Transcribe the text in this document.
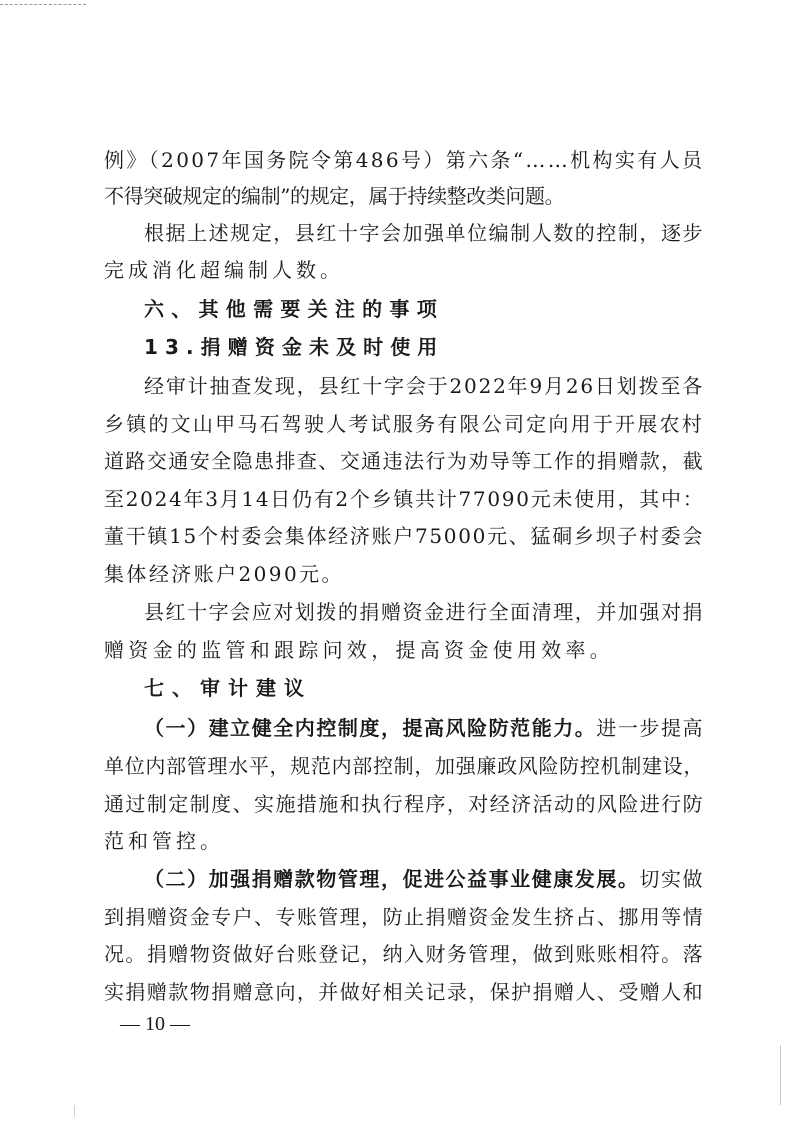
例》（2007年国务院令第486号）第六条“……机构实有人员
不得突破规定的编制”的规定，属于持续整改类问题。
根据上述规定，县红十字会加强单位编制人数的控制，逐步
完成消化超编制人数。
六、其他需要关注的事项
13.捐赠资金未及时使用
经审计抽查发现，县红十字会于2022年9月26日划拨至各
乡镇的文山甲马石驾驶人考试服务有限公司定向用于开展农村
道路交通安全隐患排查、交通违法行为劝导等工作的捐赠款，截
至2024年3月14日仍有2个乡镇共计77090元未使用，其中：
董干镇15个村委会集体经济账户75000元、猛硐乡坝子村委会
集体经济账户2090元。
县红十字会应对划拨的捐赠资金进行全面清理，并加强对捐
赠资金的监管和跟踪问效，提高资金使用效率。
七、审计建议
（一）建立健全内控制度，提高风险防范能力。进一步提高
单位内部管理水平，规范内部控制，加强廉政风险防控机制建设，
通过制定制度、实施措施和执行程序，对经济活动的风险进行防
范和管控。
（二）加强捐赠款物管理，促进公益事业健康发展。切实做
到捐赠资金专户、专账管理，防止捐赠资金发生挤占、挪用等情
况。捐赠物资做好台账登记，纳入财务管理，做到账账相符。落
实捐赠款物捐赠意向，并做好相关记录，保护捐赠人、受赠人和
— 10 —
